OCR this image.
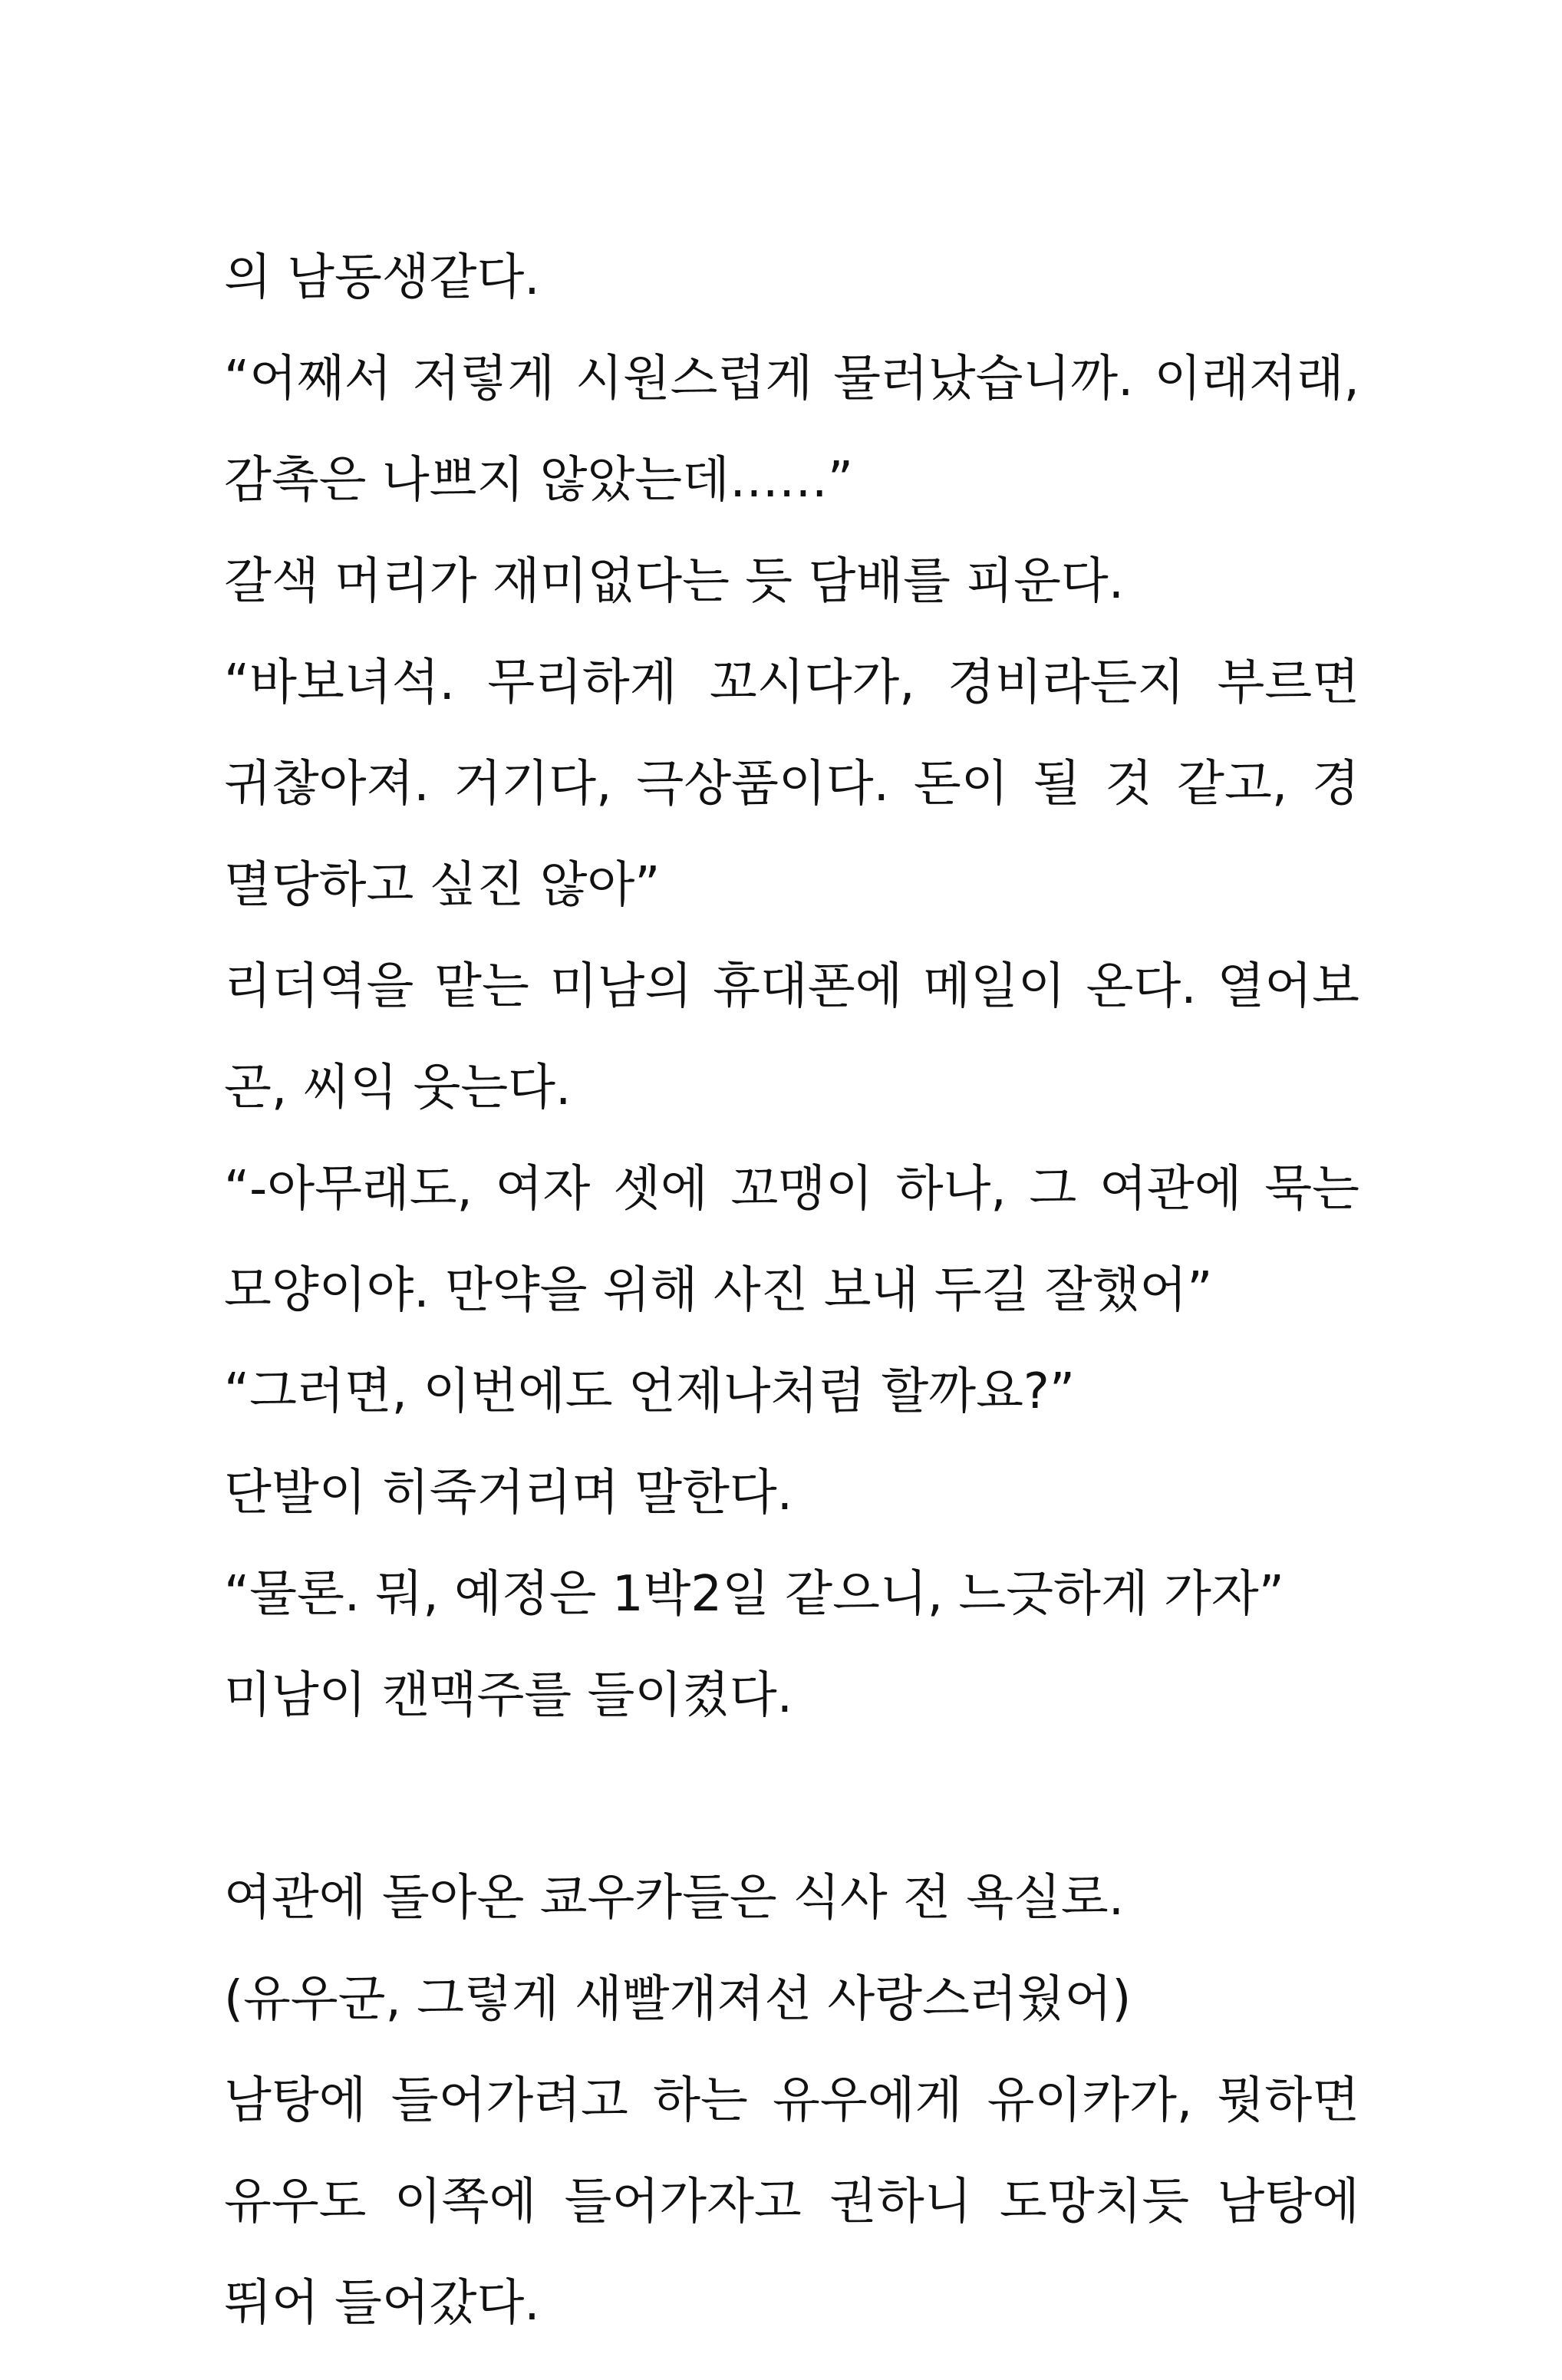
의 남동생같다.
“어째서 저렇게 시원스럽게 물러났습니까. 이래저래,
감촉은 나쁘지 않았는데……”
갈색 머리가 재미없다는 듯 담배를 피운다.
“바보녀석. 무리하게 꼬시다가, 경비라든지 부르면
귀찮아져. 거기다, 극상품이다. 돈이 될 것 같고, 경
멸당하고 싶진 않아”
리더역을 맡는 미남의 휴대폰에 메일이 온다. 열어보
곤, 씨익 웃는다.
“-아무래도, 여자 셋에 꼬맹이 하나, 그 여관에 묵는
모양이야. 만약을 위해 사진 보내 두길 잘했어”
“그러면, 이번에도 언제나처럼 할까요?”
단발이 히죽거리며 말한다.
“물론. 뭐, 예정은 1박2일 같으니, 느긋하게 가자”
미남이 캔맥주를 들이켰다.
여관에 돌아온 쿄우카들은 식사 전 욕실로.
(유우군, 그렇게 새빨개져선 사랑스러웠어)
남탕에 들어가려고 하는 유우에게 유이카가, 뭣하면
유우도 이쪽에 들어가자고 권하니 도망치듯 남탕에
뛰어 들어갔다.
